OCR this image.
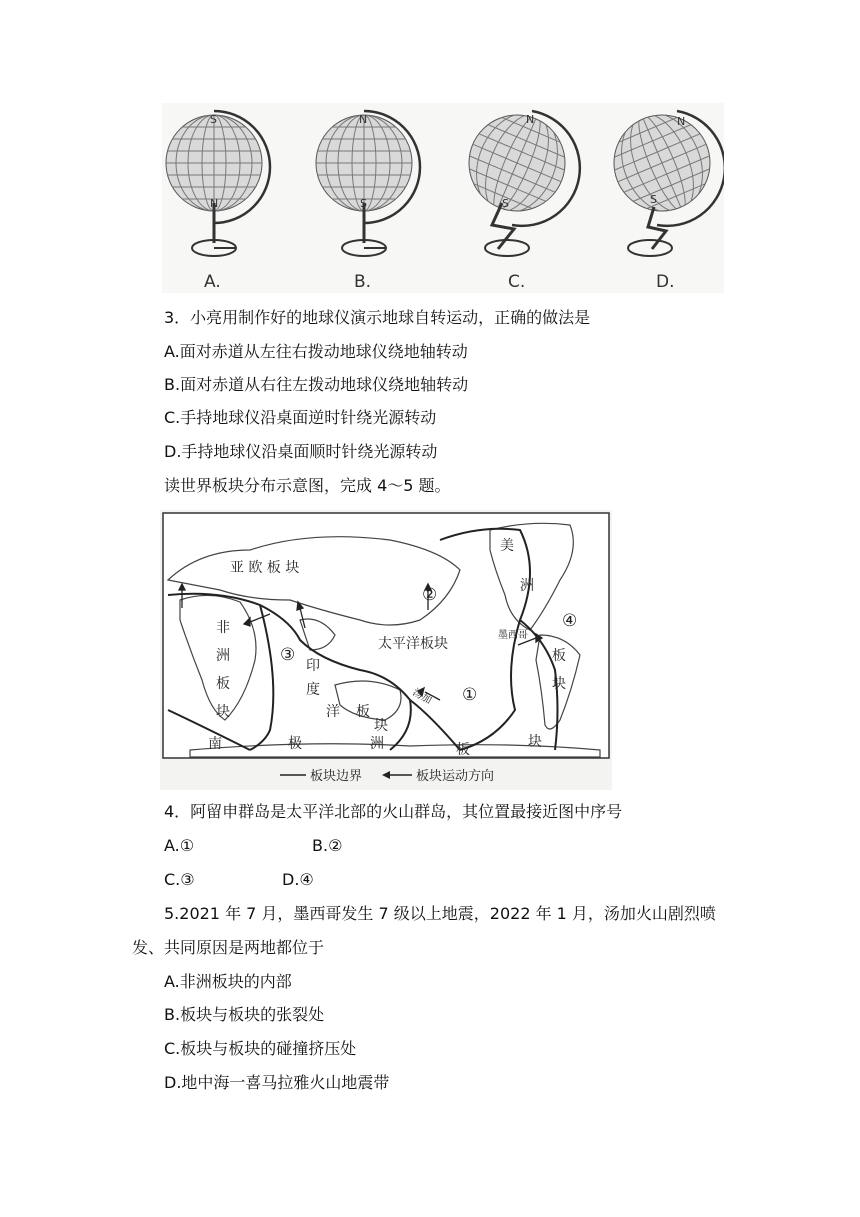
S
N
A.
N
S
B.
N
S
C.
N
S
D.
3．小亮用制作好的地球仪演示地球自转运动，正确的做法是
A.面对赤道从左往右拨动地球仪绕地轴转动
B.面对赤道从右往左拨动地球仪绕地轴转动
C.手持地球仪沿桌面逆时针绕光源转动
D.手持地球仪沿桌面顺时针绕光源转动
读世界板块分布示意图，完成 4～5 题。
亚 欧 板 块
美
洲
板
块
非
洲
板
块
印
度
洋 板
块
太平洋板块
南	极	洲	板	块
墨西哥
汤加 ①
②
③
④
板块边界	板块运动方向
4．阿留申群岛是太平洋北部的火山群岛，其位置最接近图中序号
A.①	B.②
C.③	D.④
5.2021 年 7 月，墨西哥发生 7 级以上地震，2022 年 1 月，汤加火山剧烈喷
发、共同原因是两地都位于
A.非洲板块的内部
B.板块与板块的张裂处
C.板块与板块的碰撞挤压处
D.地中海一喜马拉雅火山地震带
